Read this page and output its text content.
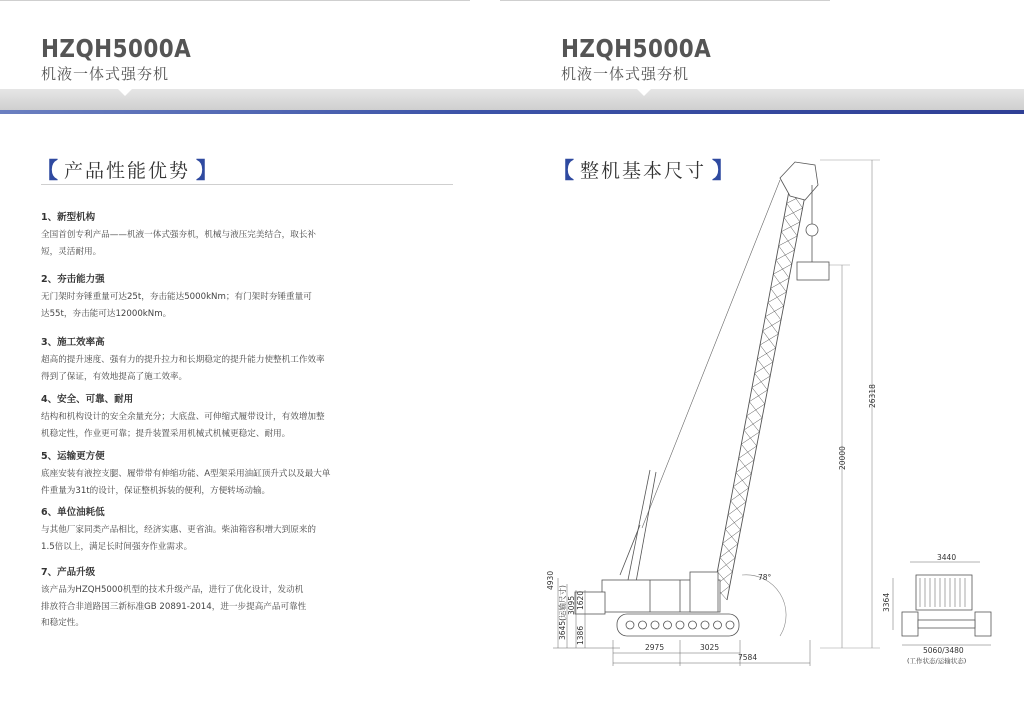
HZQH5000A
机液一体式强夯机
【 产品性能优势 】
1、新型机构
全国首创专利产品——机液一体式强夯机，机械与液压完美结合，取长补
短，灵活耐用。
2、夯击能力强
无门架时夯锤重量可达25t，夯击能达5000kNm；有门架时夯锤重量可
达55t，夯击能可达12000kNm。
3、施工效率高
超高的提升速度、强有力的提升拉力和长期稳定的提升能力使整机工作效率
得到了保证，有效地提高了施工效率。
4、安全、可靠、耐用
结构和机构设计的安全余量充分；大底盘、可伸缩式履带设计，有效增加整
机稳定性，作业更可靠；提升装置采用机械式机械更稳定、耐用。
5、运输更方便
底座安装有液控支腿、履带带有伸缩功能、A型架采用油缸顶升式以及最大单
件重量为31t的设计，保证整机拆装的便利，方便转场动输。
6、单位油耗低
与其他厂家同类产品相比，经济实惠、更省油。柴油箱容积增大到原来的
1.5倍以上，满足长时间强夯作业需求。
7、产品升级
该产品为HZQH5000机型的技术升级产品，进行了优化设计，发动机
排放符合非道路国三新标准GB 20891-2014，进一步提高产品可靠性
和稳定性。
HZQH5000A
机液一体式强夯机
【 整机基本尺寸 】
26318
20000
78°
4930
3645(运输尺寸) 3095 1620
1386
2975	3025
7584
3440
3364
5060/3480
(工作状态/运输状态)
